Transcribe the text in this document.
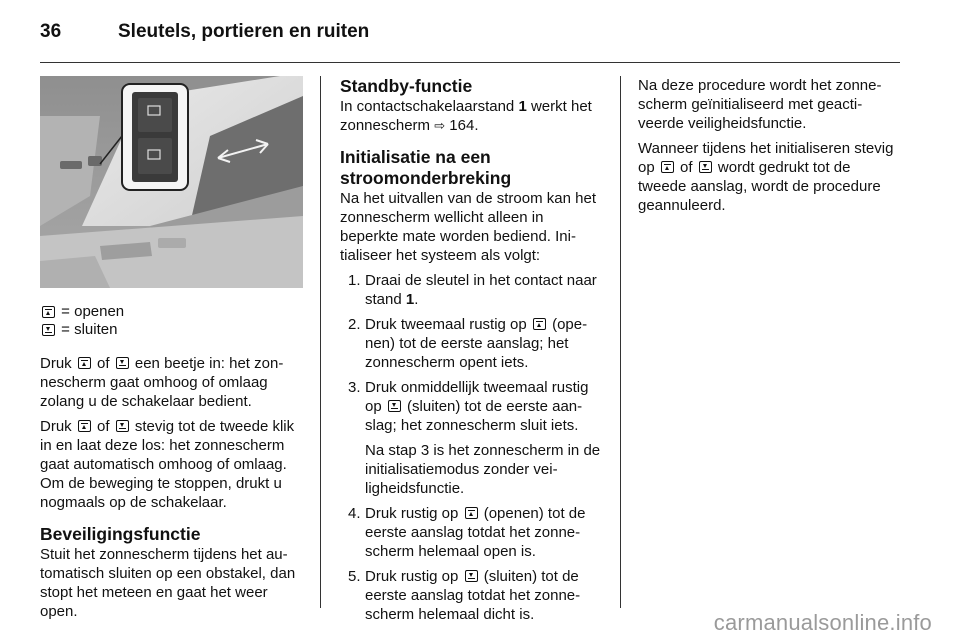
36	Sleutels, portieren en ruiten

= openen

= sluiten

Druk of een beetje in: het zonnescherm gaat omhoog of omlaag zolang u de schakelaar bedient.

Druk of stevig tot de tweede klik in en laat deze los: het zonnescherm gaat automatisch omhoog of omlaag. Om de beweging te stoppen, drukt u nogmaals op de schakelaar.

Beveiligingsfunctie

Stuit het zonnescherm tijdens het automatisch sluiten op een obstakel, dan stopt het meteen en gaat het weer open.

Standby-functie

In contactschakelaarstand 1 werkt het zonnescherm ⇨ 164.

Initialisatie na een stroomonderbreking

Na het uitvallen van de stroom kan het zonnescherm wellicht alleen in beperkte mate worden bediend. Initialiseer het systeem als volgt:

1. Draai de sleutel in het contact naar stand 1.
2. Druk tweemaal rustig op (openen) tot de eerste aanslag; het zonnescherm opent iets.
3. Druk onmiddellijk tweemaal rustig op (sluiten) tot de eerste aanslag; het zonnescherm sluit iets.
Na stap 3 is het zonnescherm in de initialisatiemodus zonder veiligheidsfunctie.
4. Druk rustig op (openen) tot de eerste aanslag totdat het zonnescherm helemaal open is.
5. Druk rustig op (sluiten) tot de eerste aanslag totdat het zonnescherm helemaal dicht is.

Na deze procedure wordt het zonnescherm geïnitialiseerd met geactiveerde veiligheidsfunctie.

Wanneer tijdens het initialiseren stevig op of wordt gedrukt tot de tweede aanslag, wordt de procedure geannuleerd.

carmanualsonline.info
